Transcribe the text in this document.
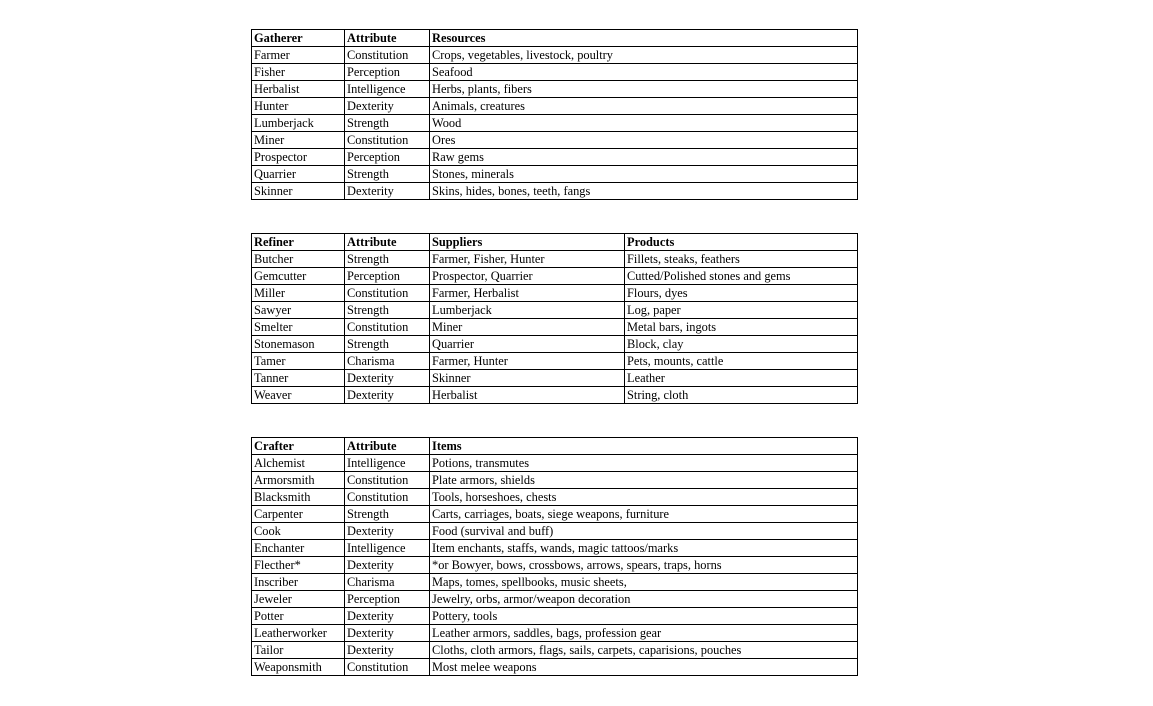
Gatherer	Attribute	Resources
Farmer	Constitution	Crops, vegetables, livestock, poultry
Fisher	Perception	Seafood
Herbalist	Intelligence	Herbs, plants, fibers
Hunter	Dexterity	Animals, creatures
Lumberjack	Strength	Wood
Miner	Constitution	Ores
Prospector	Perception	Raw gems
Quarrier	Strength	Stones, minerals
Skinner	Dexterity	Skins, hides, bones, teeth, fangs
Refiner	Attribute	Suppliers	Products
Butcher	Strength	Farmer, Fisher, Hunter	Fillets, steaks, feathers
Gemcutter	Perception	Prospector, Quarrier	Cutted/Polished stones and gems
Miller	Constitution	Farmer, Herbalist	Flours, dyes
Sawyer	Strength	Lumberjack	Log, paper
Smelter	Constitution	Miner	Metal bars, ingots
Stonemason	Strength	Quarrier	Block, clay
Tamer	Charisma	Farmer, Hunter	Pets, mounts, cattle
Tanner	Dexterity	Skinner	Leather
Weaver	Dexterity	Herbalist	String, cloth
Crafter	Attribute	Items
Alchemist	Intelligence	Potions, transmutes
Armorsmith	Constitution	Plate armors, shields
Blacksmith	Constitution	Tools, horseshoes, chests
Carpenter	Strength	Carts, carriages, boats, siege weapons, furniture
Cook	Dexterity	Food (survival and buff)
Enchanter	Intelligence	Item enchants, staffs, wands, magic tattoos/marks
Flecther*	Dexterity	*or Bowyer, bows, crossbows, arrows, spears, traps, horns
Inscriber	Charisma	Maps, tomes, spellbooks, music sheets,
Jeweler	Perception	Jewelry, orbs, armor/weapon decoration
Potter	Dexterity	Pottery, tools
Leatherworker	Dexterity	Leather armors, saddles, bags, profession gear
Tailor	Dexterity	Cloths, cloth armors, flags, sails, carpets, caparisions, pouches
Weaponsmith	Constitution	Most melee weapons
